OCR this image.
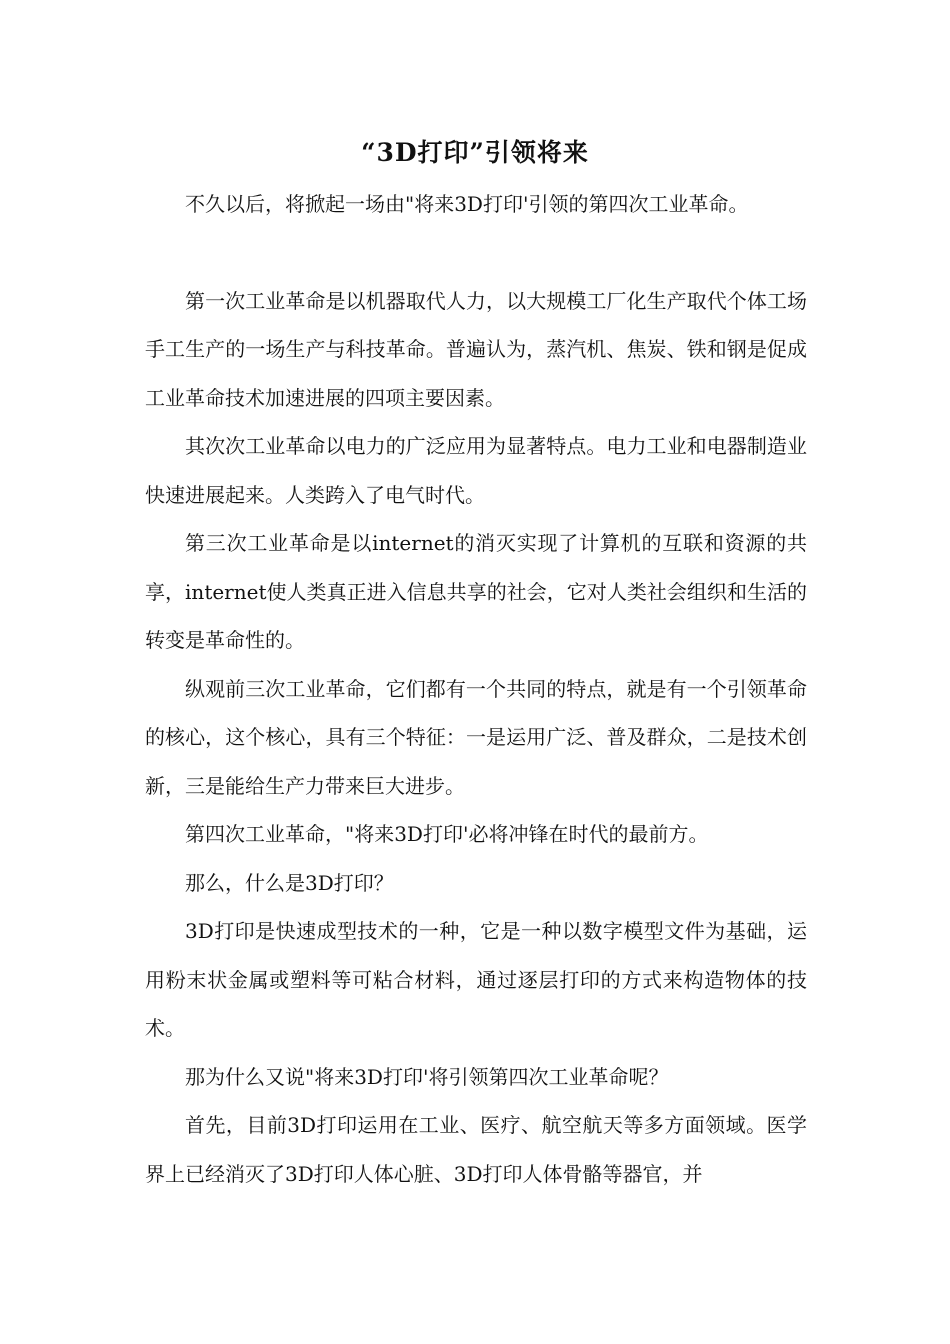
“3D打印”引领将来

不久以后，将掀起一场由"将来3D打印'引领的第四次工业革命。

第一次工业革命是以机器取代人力，以大规模工厂化生产取代个体工场手工生产的一场生产与科技革命。普遍认为，蒸汽机、焦炭、铁和钢是促成工业革命技术加速进展的四项主要因素。

其次次工业革命以电力的广泛应用为显著特点。电力工业和电器制造业快速进展起来。人类跨入了电气时代。

第三次工业革命是以internet的消灭实现了计算机的互联和资源的共享，internet使人类真正进入信息共享的社会，它对人类社会组织和生活的转变是革命性的。

纵观前三次工业革命，它们都有一个共同的特点，就是有一个引领革命的核心，这个核心，具有三个特征：一是运用广泛、普及群众，二是技术创新，三是能给生产力带来巨大进步。

第四次工业革命，"将来3D打印'必将冲锋在时代的最前方。

那么，什么是3D打印？

3D打印是快速成型技术的一种，它是一种以数字模型文件为基础，运用粉末状金属或塑料等可粘合材料，通过逐层打印的方式来构造物体的技术。

那为什么又说"将来3D打印'将引领第四次工业革命呢？

首先，目前3D打印运用在工业、医疗、航空航天等多方面领域。医学界上已经消灭了3D打印人体心脏、3D打印人体骨骼等器官，并
